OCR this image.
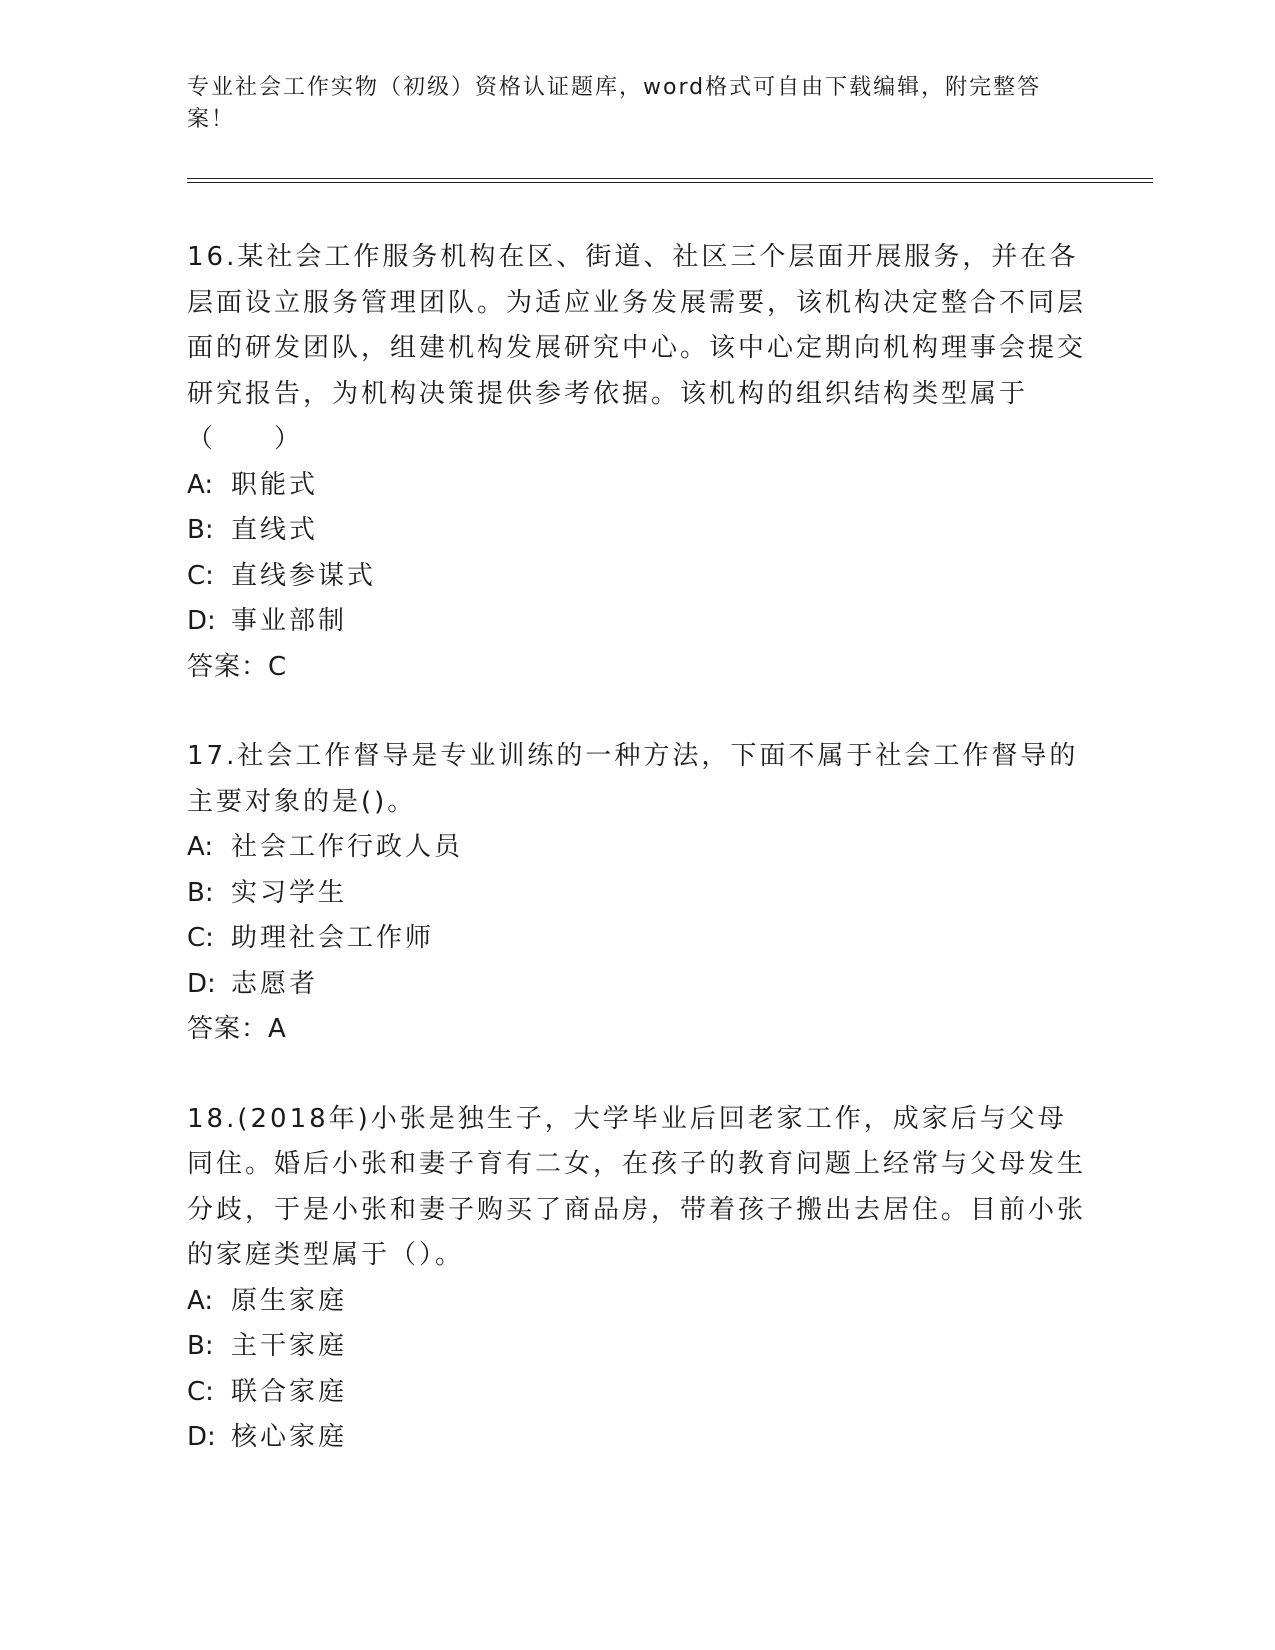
专业社会工作实物（初级）资格认证题库，word格式可自由下载编辑，附完整答案！

16.某社会工作服务机构在区、街道、社区三个层面开展服务，并在各层面设立服务管理团队。为适应业务发展需要，该机构决定整合不同层面的研发团队，组建机构发展研究中心。该中心定期向机构理事会提交研究报告，为机构决策提供参考依据。该机构的组织结构类型属于（　　）

A: 职能式

B: 直线式

C: 直线参谋式

D: 事业部制

答案：C

17.社会工作督导是专业训练的一种方法，下面不属于社会工作督导的主要对象的是()。

A: 社会工作行政人员

B: 实习学生

C: 助理社会工作师

D: 志愿者

答案：A

18.(2018年)小张是独生子，大学毕业后回老家工作，成家后与父母同住。婚后小张和妻子育有二女，在孩子的教育问题上经常与父母发生分歧，于是小张和妻子购买了商品房，带着孩子搬出去居住。目前小张的家庭类型属于（）。

A: 原生家庭

B: 主干家庭

C: 联合家庭

D: 核心家庭
